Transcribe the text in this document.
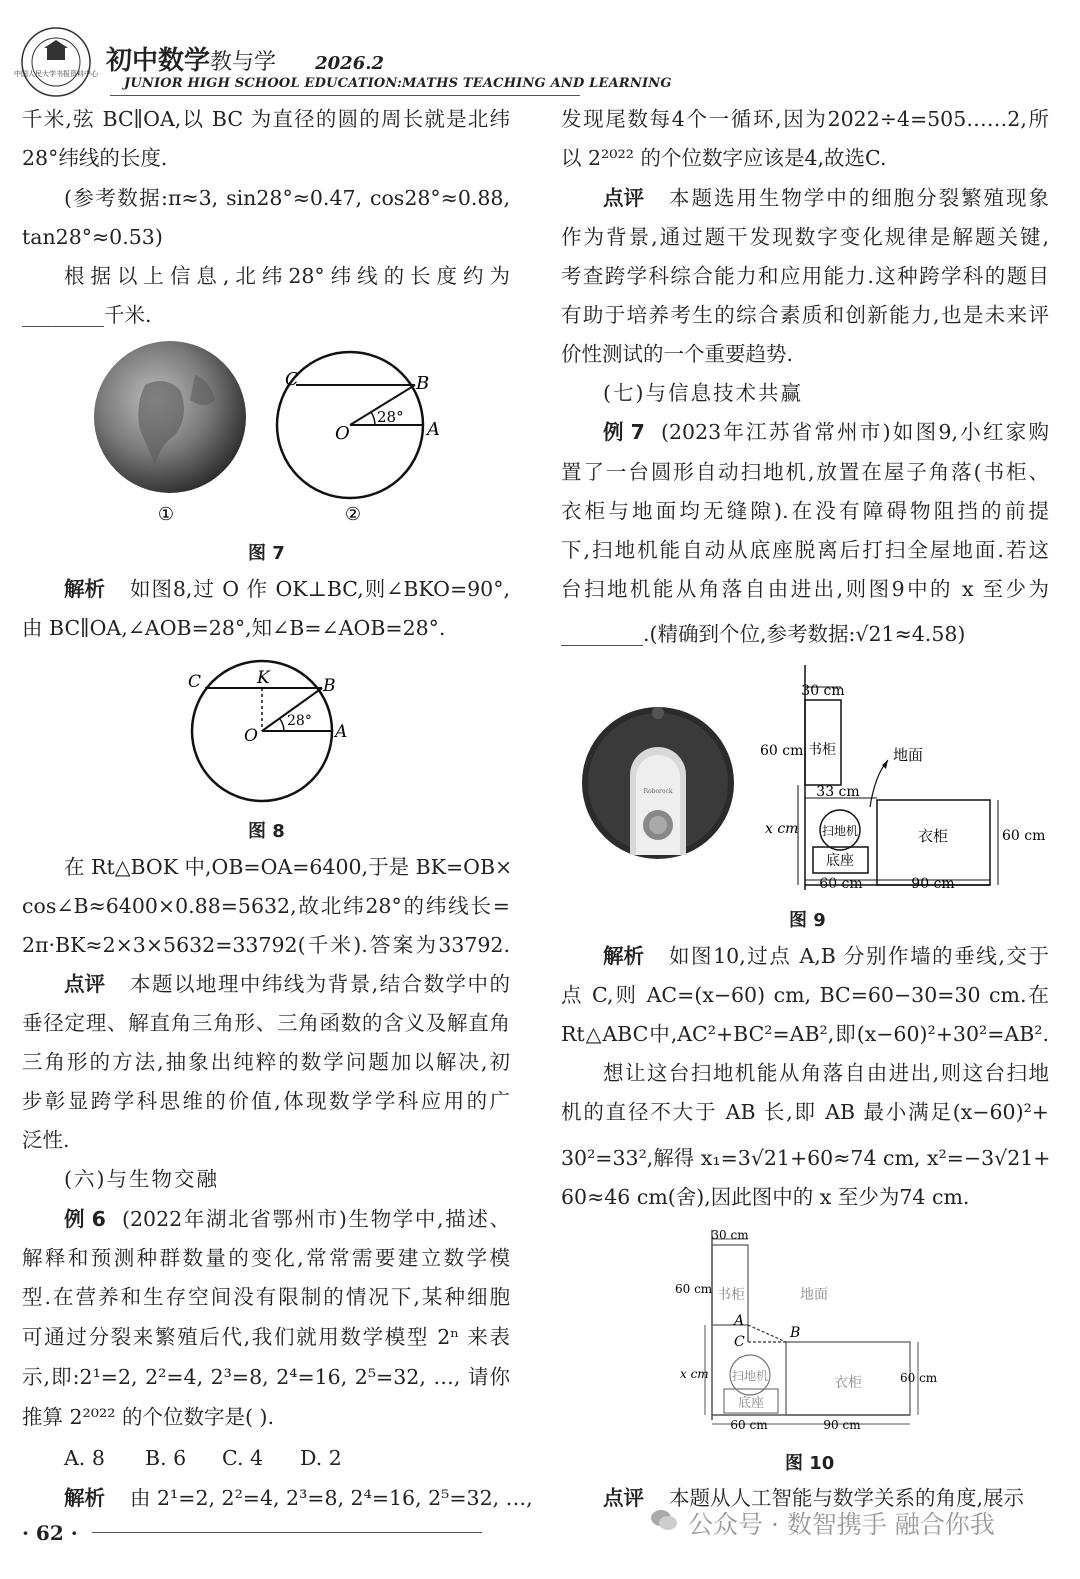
中国人民大学书报资料中心 初中数学教与学 2026.2
JUNIOR HIGH SCHOOL EDUCATION:MATHS TEACHING AND LEARNING
千米,弦 BC∥OA,以 BC 为直径的圆的周长就是北纬
28°纬线的长度.
(参考数据:π≈3, sin28°≈0.47, cos28°≈0.88,
tan28°≈0.53)
根据以上信息,北纬28°纬线的长度约为
________千米.
①
C	B
O	A
28°
②
图 7
解析 如图8,过 O 作 OK⊥BC,则∠BKO=90°,
由 BC∥OA,∠AOB=28°,知∠B=∠AOB=28°.
C	K	B
O	A
28°
图 8
在 Rt△BOK 中,OB=OA=6400,于是 BK=OB×
cos∠B≈6400×0.88=5632,故北纬28°的纬线长=
2π·BK≈2×3×5632=33792(千米).答案为33792.
点评 本题以地理中纬线为背景,结合数学中的
垂径定理、解直角三角形、三角函数的含义及解直角
三角形的方法,抽象出纯粹的数学问题加以解决,初
步彰显跨学科思维的价值,体现数学学科应用的广
泛性.
(六)与生物交融
例 6 (2022年湖北省鄂州市)生物学中,描述、
解释和预测种群数量的变化,常常需要建立数学模
型.在营养和生存空间没有限制的情况下,某种细胞
可通过分裂来繁殖后代,我们就用数学模型 2ⁿ 来表
示,即:2¹=2, 2²=4, 2³=8, 2⁴=16, 2⁵=32, …, 请你
推算 2²⁰²² 的个位数字是( ).
A. 8 B. 6 C. 4 D. 2
解析 由 2¹=2, 2²=4, 2³=8, 2⁴=16, 2⁵=32, …,
发现尾数每4个一循环,因为2022÷4=505……2,所
以 2²⁰²² 的个位数字应该是4,故选C.
点评 本题选用生物学中的细胞分裂繁殖现象
作为背景,通过题干发现数字变化规律是解题关键,
考查跨学科综合能力和应用能力.这种跨学科的题目
有助于培养考生的综合素质和创新能力,也是未来评
价性测试的一个重要趋势.
(七)与信息技术共赢
例 7 (2023年江苏省常州市)如图9,小红家购
置了一台圆形自动扫地机,放置在屋子角落(书柜、
衣柜与地面均无缝隙).在没有障碍物阻挡的前提
下,扫地机能自动从底座脱离后打扫全屋地面.若这
台扫地机能从角落自由进出,则图9中的 x 至少为
________.(精确到个位,参考数据:√21≈4.58)
Roborock
30 cm
60 cm 书柜	地面
33 cm
扫地机
底座
x cm	衣柜	60 cm
60 cm	90 cm
图 9
解析 如图10,过点 A,B 分别作墙的垂线,交于
点 C,则 AC=(x−60) cm, BC=60−30=30 cm.在
Rt△ABC中,AC²+BC²=AB²,即(x−60)²+30²=AB².
想让这台扫地机能从角落自由进出,则这台扫地
机的直径不大于 AB 长,即 AB 最小满足(x−60)²+
30²=33²,解得 x₁=3√21+60≈74 cm, x²=−3√21+
60≈46 cm(舍),因此图中的 x 至少为74 cm.
30 cm
60 cm 书柜	地面
A
B
C
衣柜	60 cm
扫地机
底座
x cm
60 cm	90 cm
图 10
点评 本题从人工智能与数学关系的角度,展示
· 62 ·	公众号 · 数智携手 融合你我
